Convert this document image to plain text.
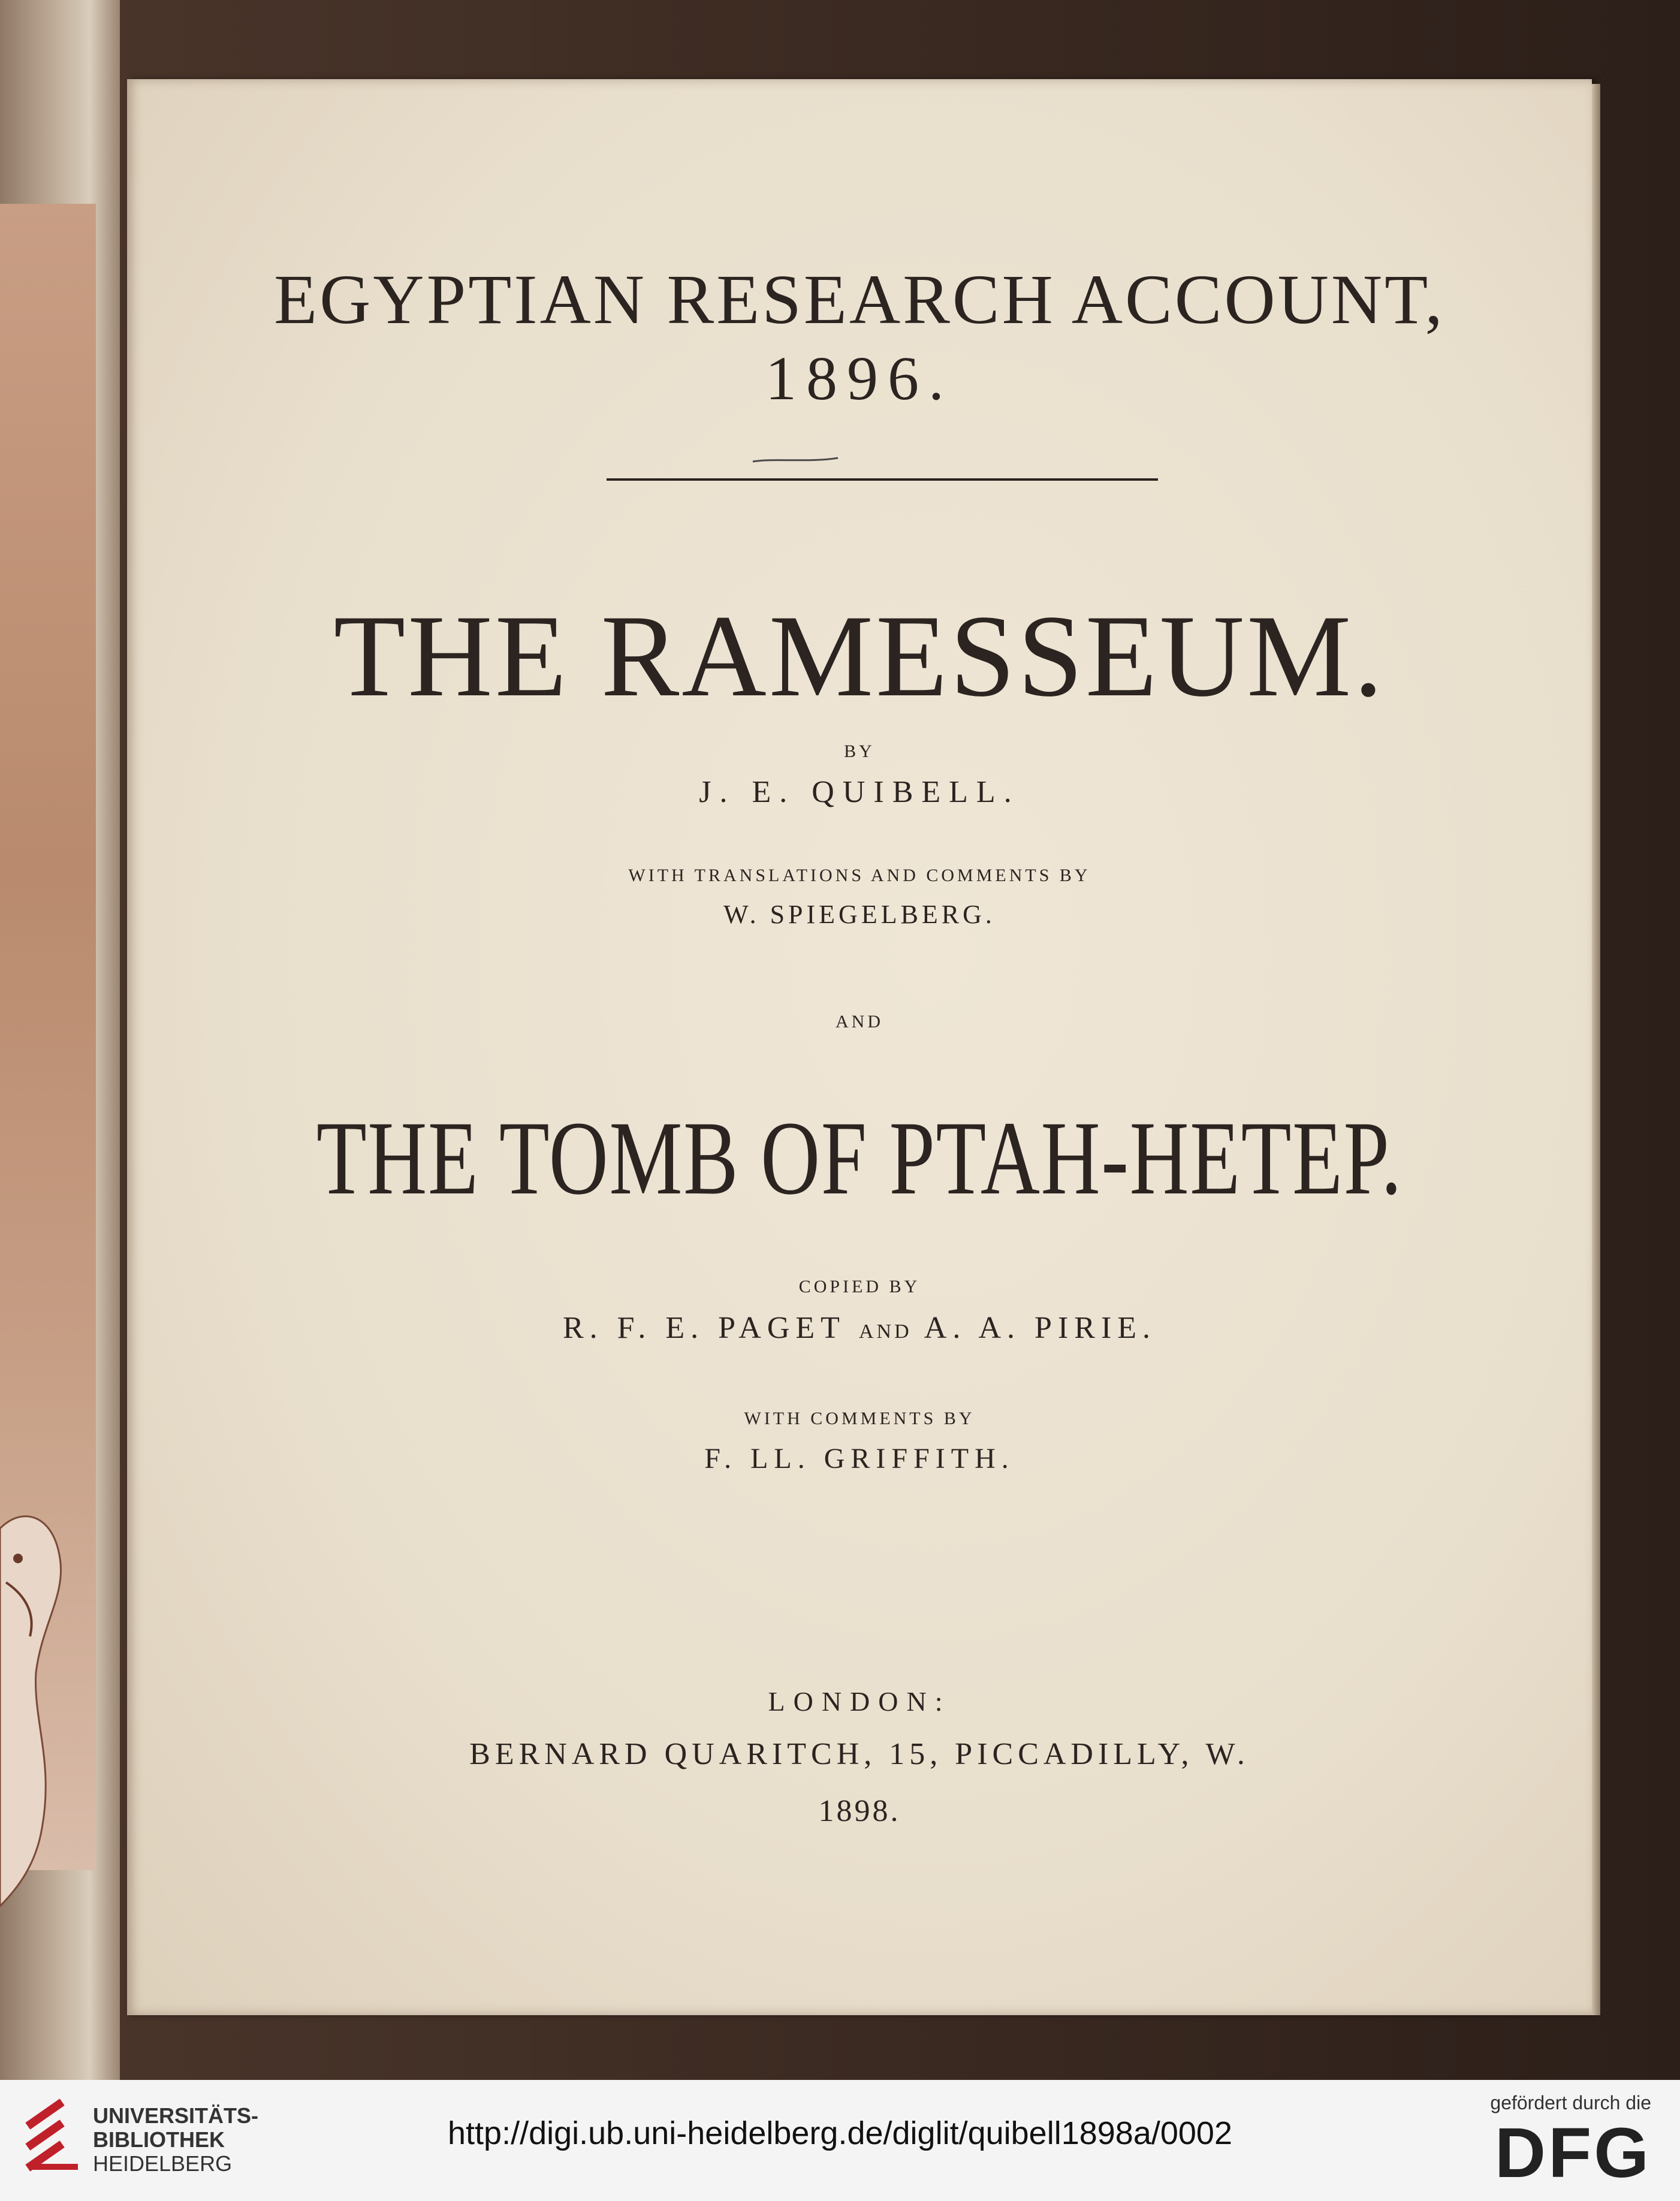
EGYPTIAN RESEARCH ACCOUNT,
1896.
THE RAMESSEUM.
BY
J. E. QUIBELL.
WITH TRANSLATIONS AND COMMENTS BY
W. SPIEGELBERG.
AND
THE TOMB OF PTAH-HETEP.
COPIED BY
R. F. E. PAGET AND A. A. PIRIE.
WITH COMMENTS BY
F. LL. GRIFFITH.
LONDON:
BERNARD QUARITCH, 15, PICCADILLY, W.
1898.
UNIVERSITÄTS-
BIBLIOTHEK
HEIDELBERG
http://digi.ub.uni-heidelberg.de/diglit/quibell1898a/0002
gefördert durch die
DFG
